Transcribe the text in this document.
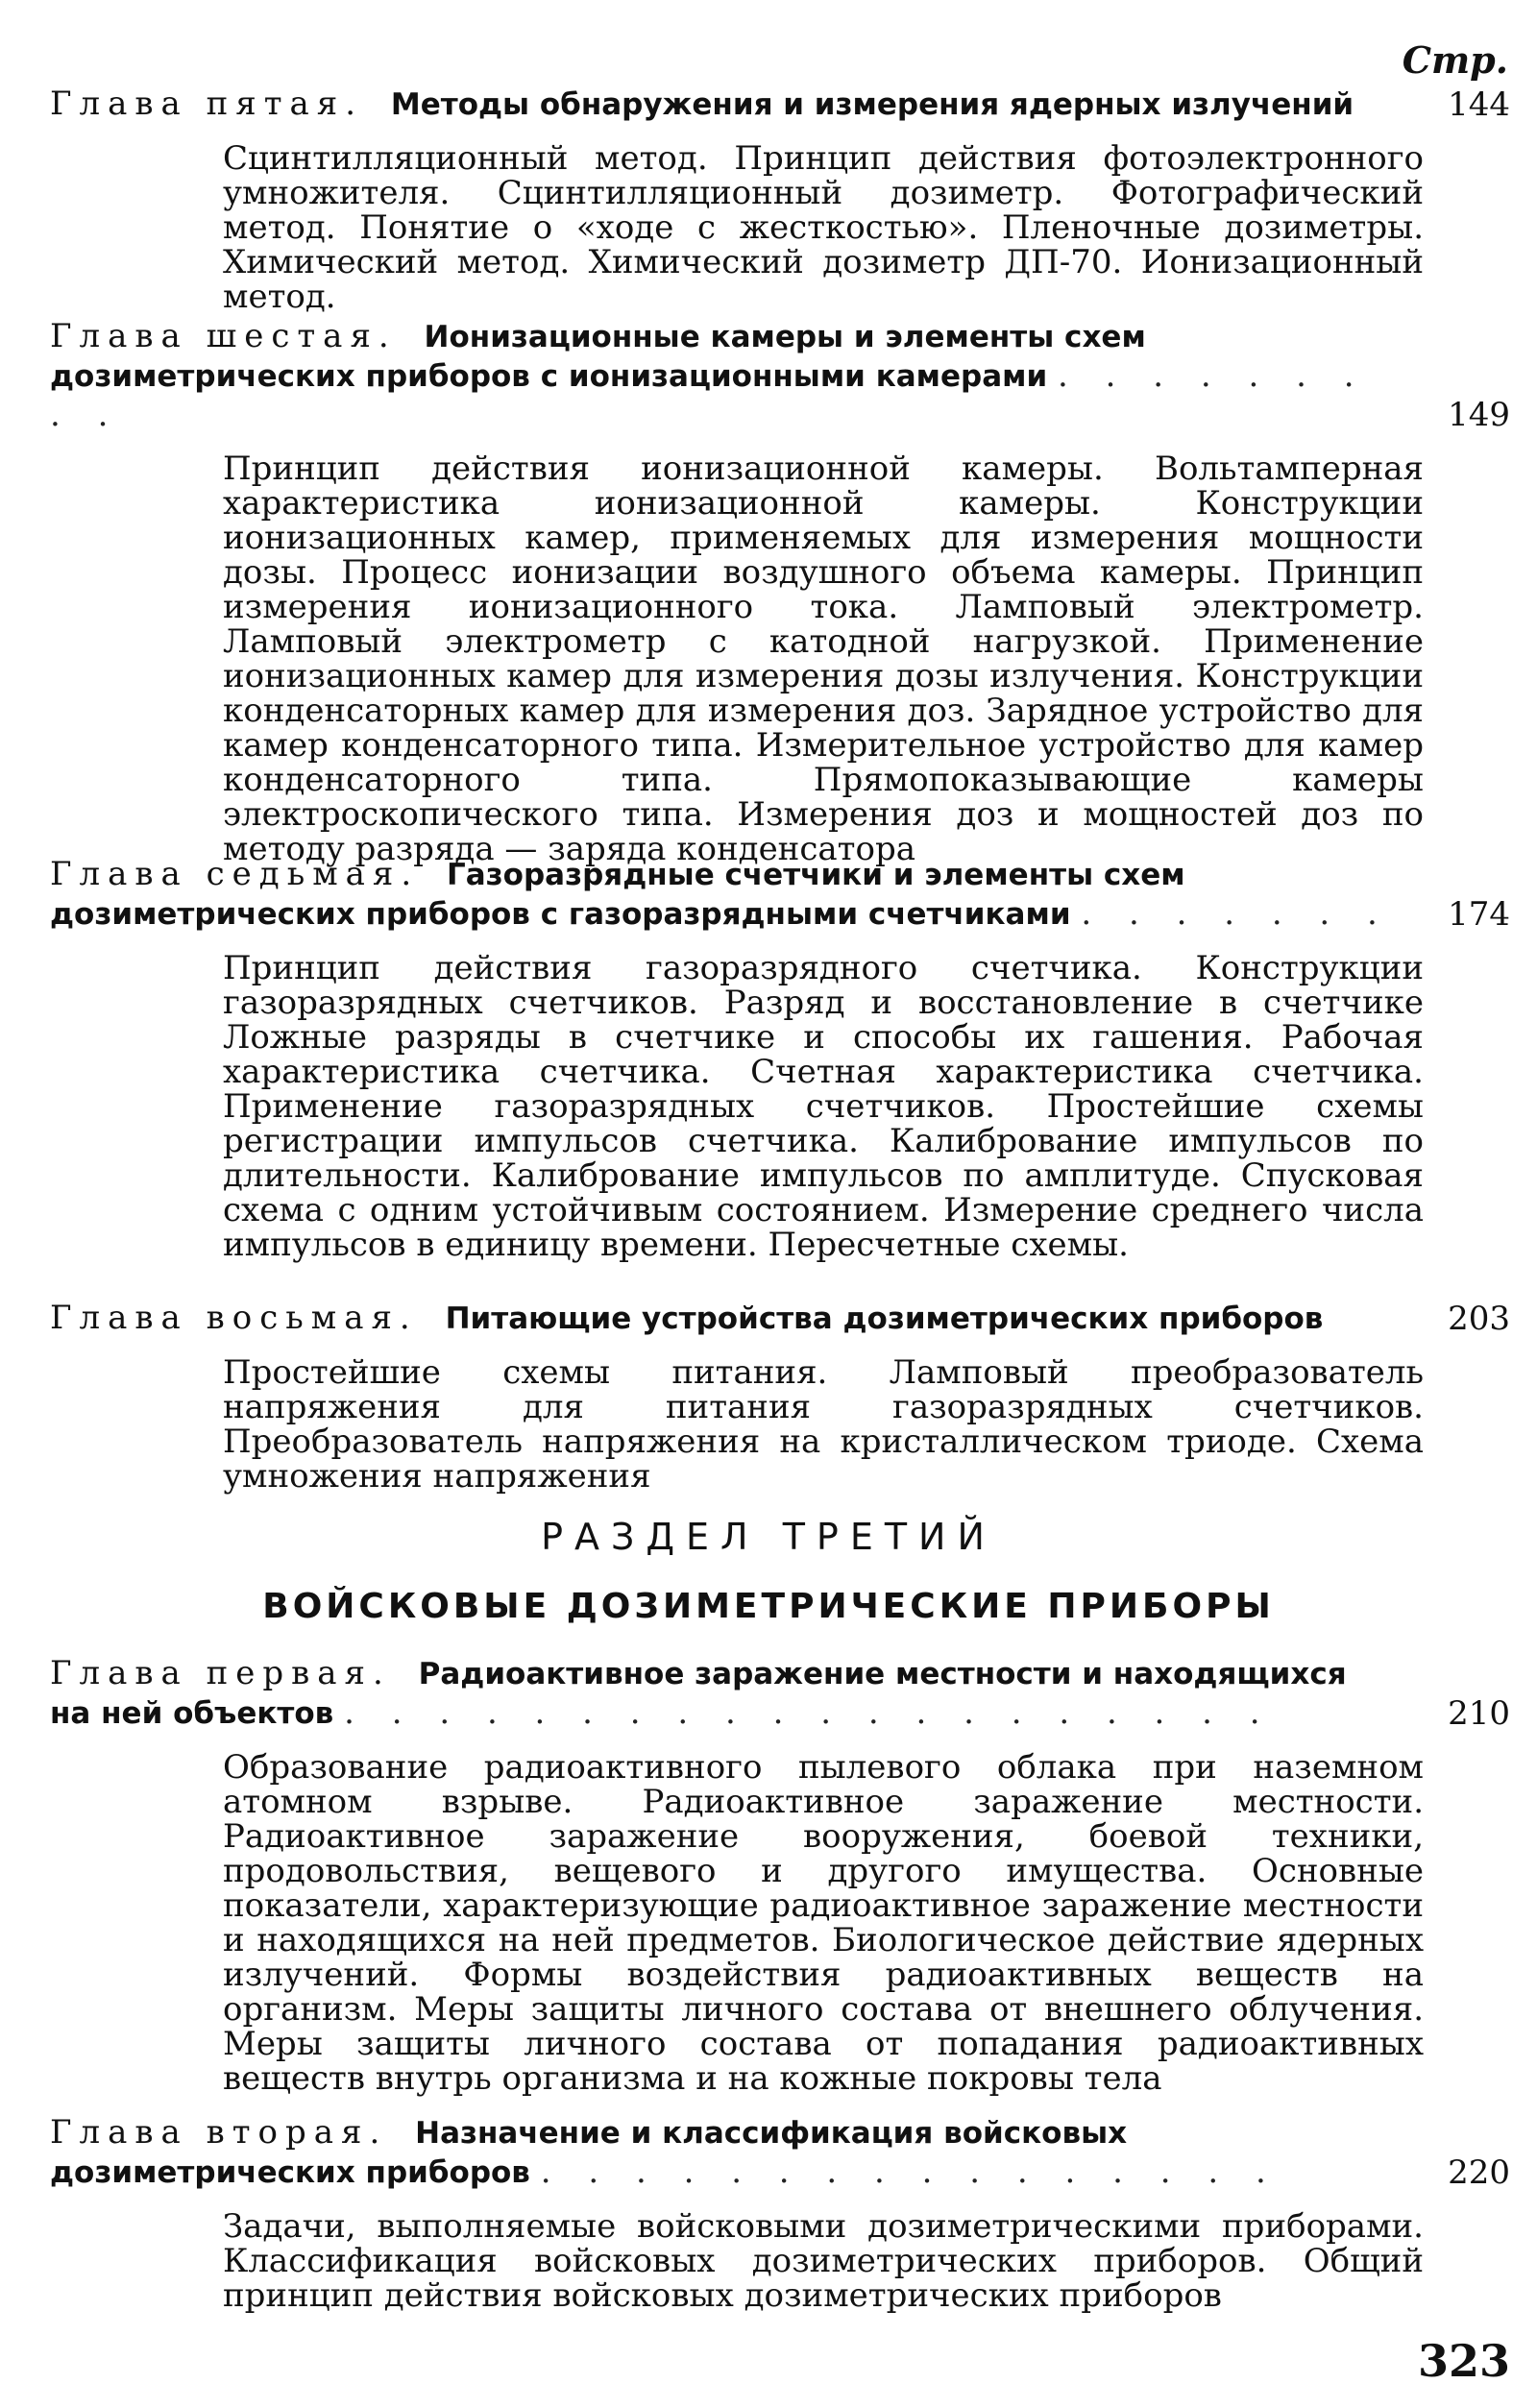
Стр.
Глава пятая. Методы обнаружения и измерения ядерных излучений	144
Сцинтилляционный метод. Принцип действия фотоэлектронного умножителя. Сцинтилляционный дозиметр. Фотографический метод. Понятие о «ходе с жесткостью». Пленочные дозиметры. Химический метод. Химический дозиметр ДП-70. Ионизационный метод.
Глава шестая. Ионизационные камеры и элементы схем дозиметрических приборов с ионизационными камерами . . . . . . . . .	149
Принцип действия ионизационной камеры. Вольтамперная характеристика ионизационной камеры. Конструкции ионизационных камер, применяемых для измерения мощности дозы. Процесс ионизации воздушного объема камеры. Принцип измерения ионизационного тока. Ламповый электрометр. Ламповый электрометр с катодной нагрузкой. Применение ионизационных камер для измерения дозы излучения. Конструкции конденсаторных камер для измерения доз. Зарядное устройство для камер конденсаторного типа. Измерительное устройство для камер конденсаторного типа. Прямопоказывающие камеры электроскопического типа. Измерения доз и мощностей доз по методу разряда — заряда конденсатора
Глава седьмая. Газоразрядные счетчики и элементы схем дозиметрических приборов с газоразрядными счетчиками . . . . . . .	174
Принцип действия газоразрядного счетчика. Конструкции газоразрядных счетчиков. Разряд и восстановление в счетчике Ложные разряды в счетчике и способы их гашения. Рабочая характеристика счетчика. Счетная характеристика счетчика. Применение газоразрядных счетчиков. Простейшие схемы регистрации импульсов счетчика. Калибрование импульсов по длительности. Калибрование импульсов по амплитуде. Спусковая схема с одним устойчивым состоянием. Измерение среднего числа импульсов в единицу времени. Пересчетные схемы.
Глава восьмая. Питающие устройства дозиметрических приборов	203
Простейшие схемы питания. Ламповый преобразователь напряжения для питания газоразрядных счетчиков. Преобразователь напряжения на кристаллическом триоде. Схема умножения напряжения
РАЗДЕЛ ТРЕТИЙ
ВОЙСКОВЫЕ ДОЗИМЕТРИЧЕСКИЕ ПРИБОРЫ
Глава первая. Радиоактивное заражение местности и находящихся на ней объектов . . . . . . . . . . . . . . . . . . . .	210
Образование радиоактивного пылевого облака при наземном атомном взрыве. Радиоактивное заражение местности. Радиоактивное заражение вооружения, боевой техники, продовольствия, вещевого и другого имущества. Основные показатели, характеризующие радиоактивное заражение местности и находящихся на ней предметов. Биологическое действие ядерных излучений. Формы воздействия радиоактивных веществ на организм. Меры защиты личного состава от внешнего облучения. Меры защиты личного состава от попадания радиоактивных веществ внутрь организма и на кожные покровы тела
Глава вторая. Назначение и классификация войсковых дозиметрических приборов . . . . . . . . . . . . . . . .	220
Задачи, выполняемые войсковыми дозиметрическими приборами. Классификация войсковых дозиметрических приборов. Общий принцип действия войсковых дозиметрических приборов
323
